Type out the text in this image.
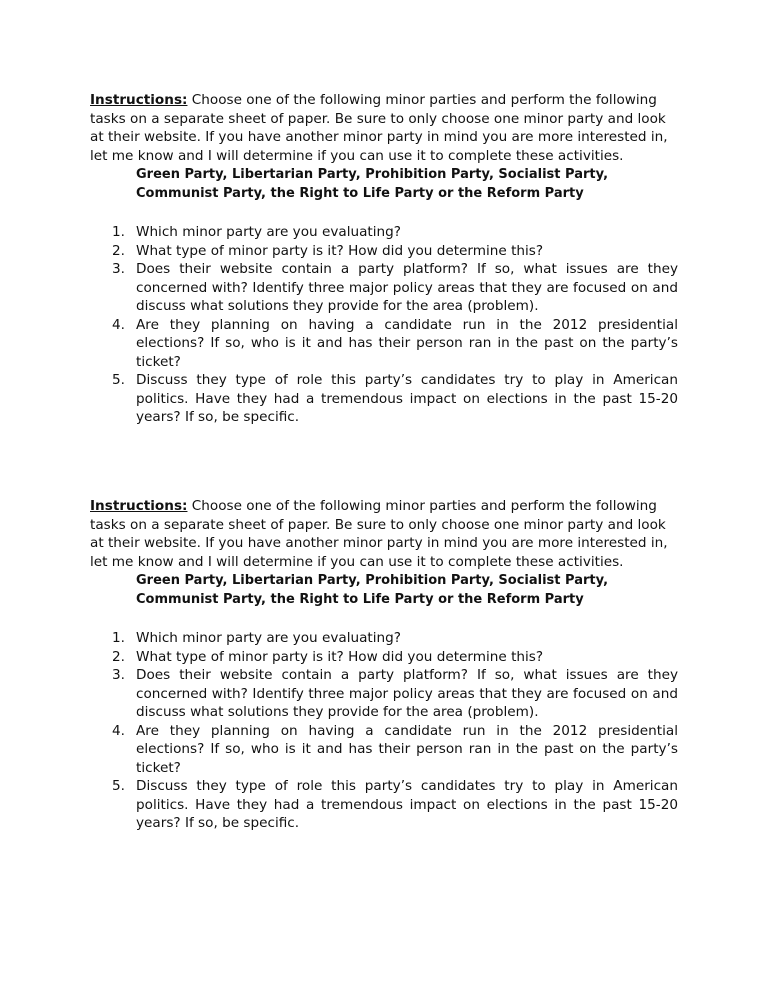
Instructions: Choose one of the following minor parties and perform the following tasks on a separate sheet of paper. Be sure to only choose one minor party and look at their website. If you have another minor party in mind you are more interested in, let me know and I will determine if you can use it to complete these activities.

Green Party, Libertarian Party, Prohibition Party, Socialist Party, Communist Party, the Right to Life Party or the Reform Party

1. Which minor party are you evaluating?
2. What type of minor party is it? How did you determine this?
3. Does their website contain a party platform? If so, what issues are they concerned with? Identify three major policy areas that they are focused on and discuss what solutions they provide for the area (problem).
4. Are they planning on having a candidate run in the 2012 presidential elections? If so, who is it and has their person ran in the past on the party’s ticket?
5. Discuss they type of role this party’s candidates try to play in American politics. Have they had a tremendous impact on elections in the past 15-20 years? If so, be specific.

Instructions: Choose one of the following minor parties and perform the following tasks on a separate sheet of paper. Be sure to only choose one minor party and look at their website. If you have another minor party in mind you are more interested in, let me know and I will determine if you can use it to complete these activities.

Green Party, Libertarian Party, Prohibition Party, Socialist Party, Communist Party, the Right to Life Party or the Reform Party

1. Which minor party are you evaluating?
2. What type of minor party is it? How did you determine this?
3. Does their website contain a party platform? If so, what issues are they concerned with? Identify three major policy areas that they are focused on and discuss what solutions they provide for the area (problem).
4. Are they planning on having a candidate run in the 2012 presidential elections? If so, who is it and has their person ran in the past on the party’s ticket?
5. Discuss they type of role this party’s candidates try to play in American politics. Have they had a tremendous impact on elections in the past 15-20 years? If so, be specific.
